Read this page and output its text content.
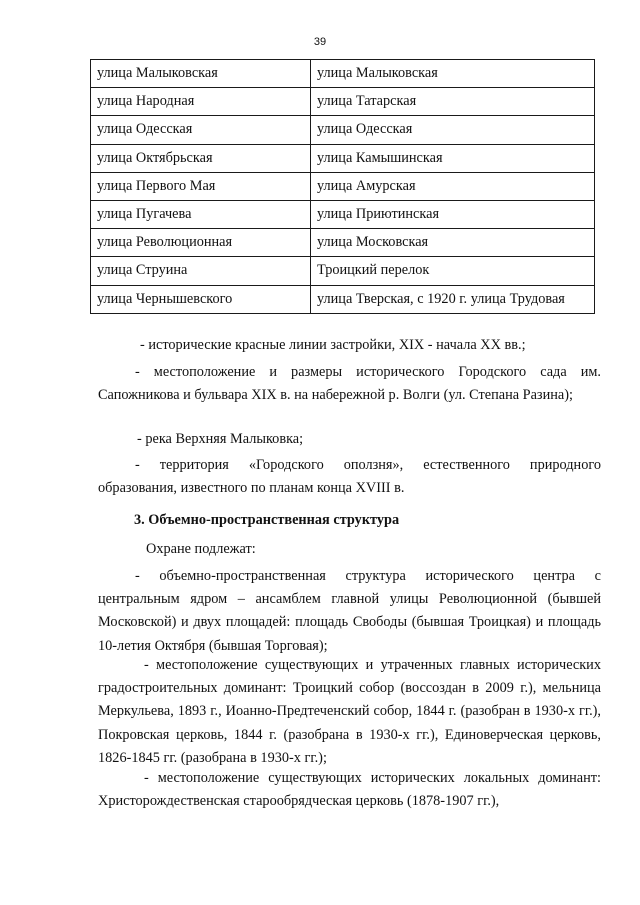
39
улица Малыковская	улица Малыковская
улица Народная	улица Татарская
улица Одесская	улица Одесская
улица Октябрьская	улица Камышинская
улица Первого Мая	улица Амурская
улица Пугачева	улица Приютинская
улица Революционная	улица Московская
улица Струина	Троицкий перелок
улица Чернышевского	улица Тверская, с 1920 г. улица Трудовая
- исторические красные линии застройки, XIX - начала XX вв.;

- местоположение и размеры исторического Городского сада им. Сапожникова и бульвара XIX в. на набережной р. Волги (ул. Степана Разина);

- река Верхняя Малыковка;

- территория «Городского оползня», естественного природного образования, известного по планам конца XVIII в.

3. Объемно-пространственная структура
Охране подлежат:

- объемно-пространственная структура исторического центра с центральным ядром – ансамблем главной улицы Революционной (бывшей Московской) и двух площадей: площадь Свободы (бывшая Троицкая) и площадь 10-летия Октября (бывшая Торговая);

- местоположение существующих и утраченных главных исторических градостроительных доминант: Троицкий собор (воссоздан в 2009 г.), мельница Меркульева, 1893 г., Иоанно-Предтеченский собор, 1844 г. (разобран в 1930-х гг.), Покровская церковь, 1844 г. (разобрана в 1930-х гг.), Единоверческая церковь, 1826-1845 гг. (разобрана в 1930-х гг.);

- местоположение существующих исторических локальных доминант: Христорождественская старообрядческая церковь (1878-1907 гг.),
